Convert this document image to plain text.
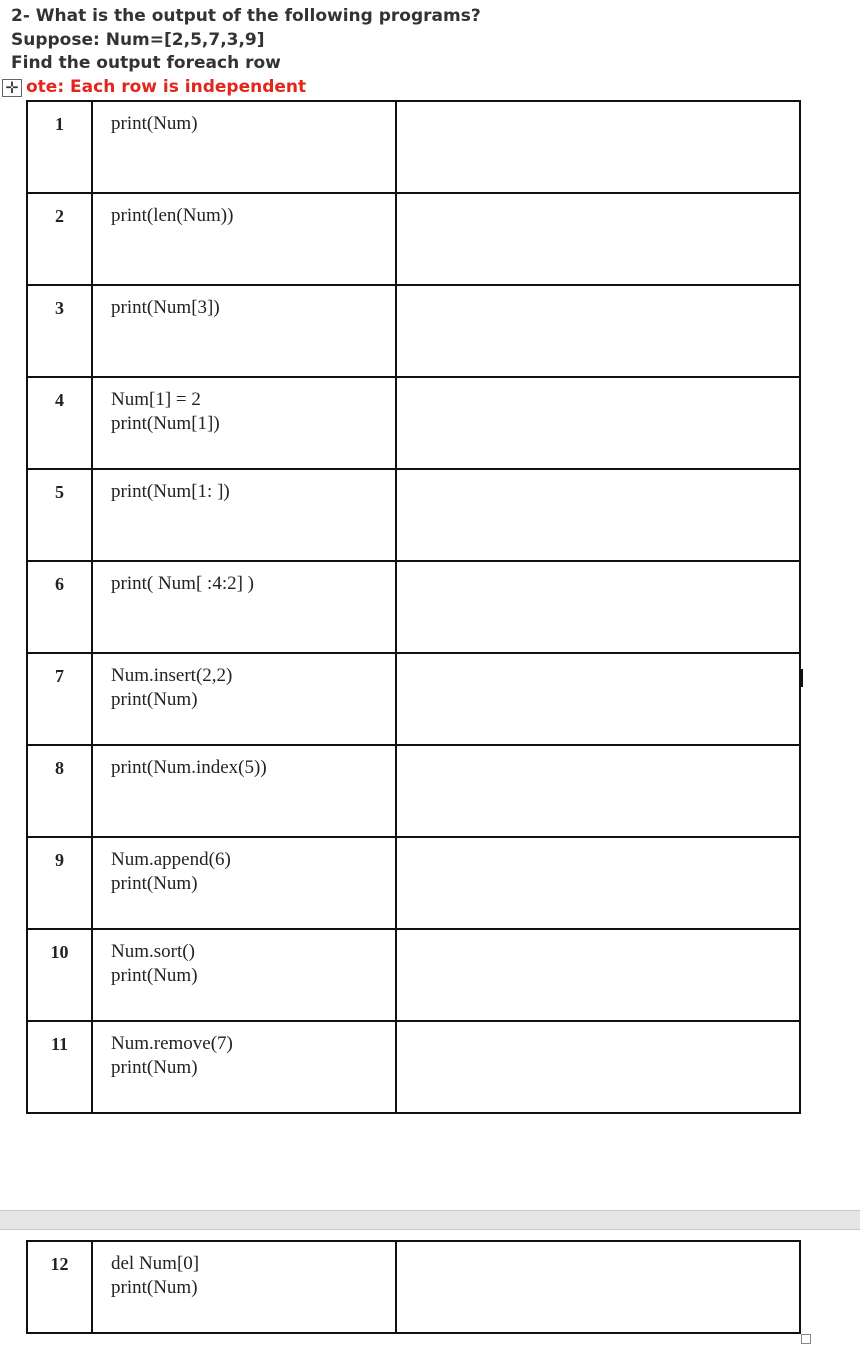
2- What is the output of the following programs?
Suppose: Num=[2,5,7,3,9]
Find the output foreach row
ote: Each row is independent
✛
1	print(Num)	
2	print(len(Num))	
3	print(Num[3])	
4	Num[1] = 2
print(Num[1])	
5	print(Num[1: ])	
6	print( Num[ :4:2] )	
7	Num.insert(2,2)
print(Num)	
8	print(Num.index(5))	
9	Num.append(6)
print(Num)	
10	Num.sort()
print(Num)	
11	Num.remove(7)
print(Num)	
12	del Num[0]
print(Num)	
